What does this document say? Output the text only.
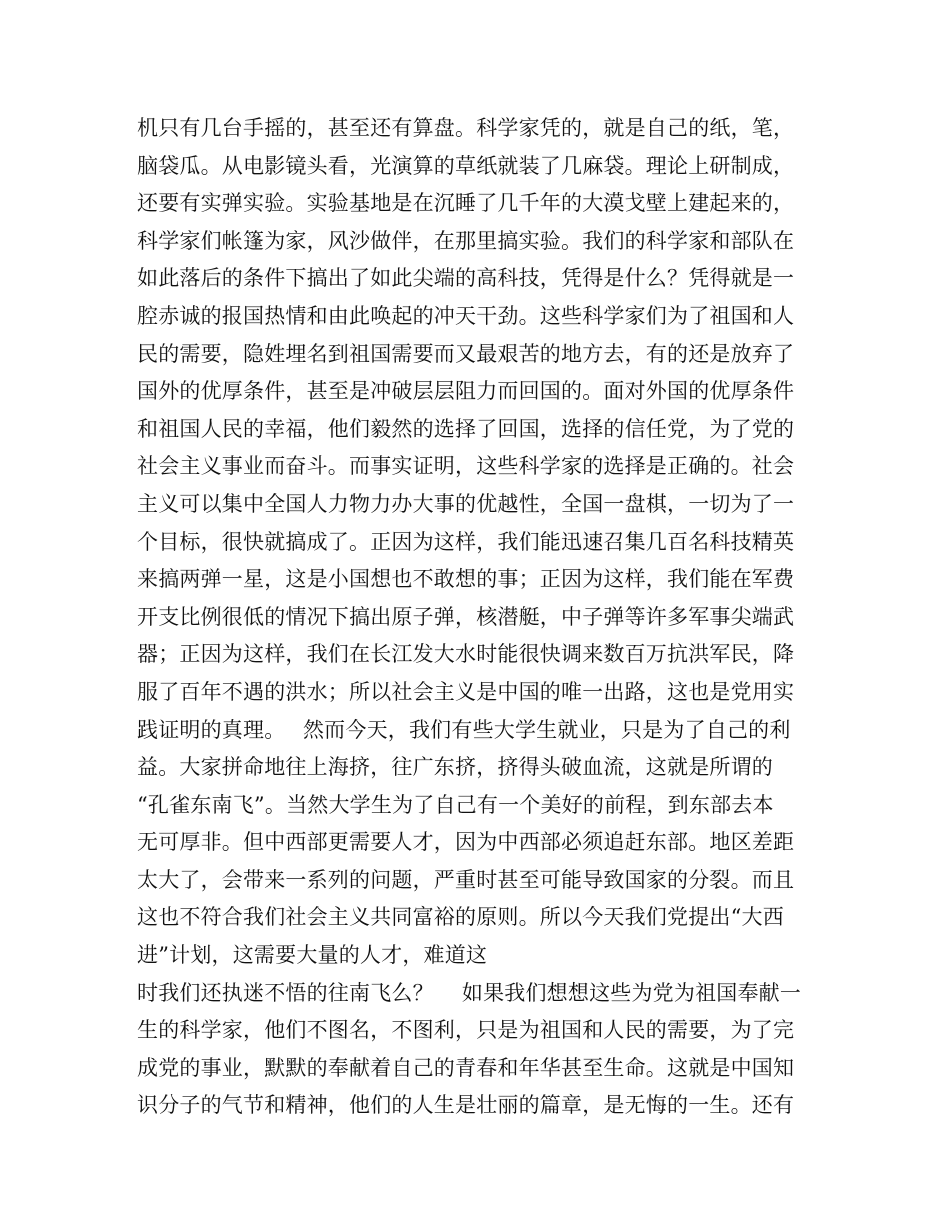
机只有几台手摇的，甚至还有算盘。科学家凭的，就是自己的纸，笔，
脑袋瓜。从电影镜头看，光演算的草纸就装了几麻袋。理论上研制成，
还要有实弹实验。实验基地是在沉睡了几千年的大漠戈壁上建起来的，
科学家们帐篷为家，风沙做伴，在那里搞实验。我们的科学家和部队在
如此落后的条件下搞出了如此尖端的高科技，凭得是什么？凭得就是一
腔赤诚的报国热情和由此唤起的冲天干劲。这些科学家们为了祖国和人
民的需要，隐姓埋名到祖国需要而又最艰苦的地方去，有的还是放弃了
国外的优厚条件，甚至是冲破层层阻力而回国的。面对外国的优厚条件
和祖国人民的幸福，他们毅然的选择了回国，选择的信任党，为了党的
社会主义事业而奋斗。而事实证明，这些科学家的选择是正确的。社会
主义可以集中全国人力物力办大事的优越性，全国一盘棋，一切为了一
个目标，很快就搞成了。正因为这样，我们能迅速召集几百名科技精英
来搞两弹一星，这是小国想也不敢想的事；正因为这样，我们能在军费
开支比例很低的情况下搞出原子弹，核潜艇，中子弹等许多军事尖端武
器；正因为这样，我们在长江发大水时能很快调来数百万抗洪军民，降
服了百年不遇的洪水；所以社会主义是中国的唯一出路，这也是党用实
践证明的真理。　 然而今天，我们有些大学生就业，只是为了自己的利
益。大家拼命地往上海挤，往广东挤，挤得头破血流，这就是所谓的
“孔雀东南飞”。当然大学生为了自己有一个美好的前程，到东部去本
无可厚非。但中西部更需要人才，因为中西部必须追赶东部。地区差距
太大了，会带来一系列的问题，严重时甚至可能导致国家的分裂。而且
这也不符合我们社会主义共同富裕的原则。所以今天我们党提出“大西
进”计划，这需要大量的人才，难道这
时我们还执迷不悟的往南飞么？　 如果我们想想这些为党为祖国奉献一
生的科学家，他们不图名，不图利，只是为祖国和人民的需要，为了完
成党的事业，默默的奉献着自己的青春和年华甚至生命。这就是中国知
识分子的气节和精神，他们的人生是壮丽的篇章，是无悔的一生。还有
